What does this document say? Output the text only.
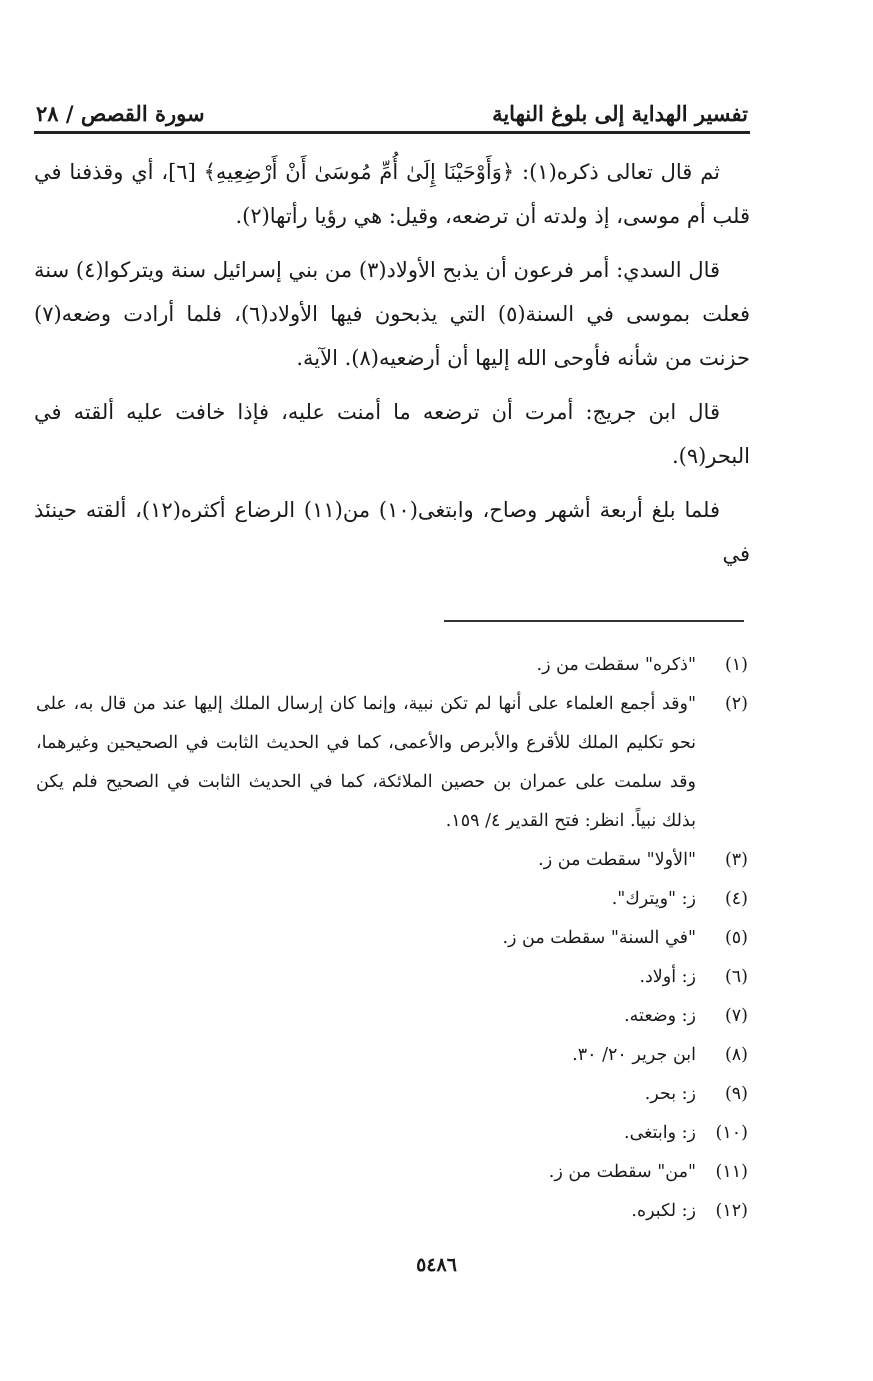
تفسير الهداية إلى بلوغ النهاية
سورة القصص / ٢٨

ثم قال تعالى ذكره(١): ﴿وَأَوْحَيْنَا إِلَىٰ أُمِّ مُوسَىٰ أَنْ أَرْضِعِيهِ﴾ [٦]، أي وقذفنا في قلب أم موسى، إذ ولدته أن ترضعه، وقيل: هي رؤيا رأتها(٢).

قال السدي: أمر فرعون أن يذبح الأولاد(٣) من بني إسرائيل سنة ويتركوا(٤) سنة فعلت بموسى في السنة(٥) التي يذبحون فيها الأولاد(٦)، فلما أرادت وضعه(٧) حزنت من شأنه فأوحى الله إليها أن أرضعيه(٨). الآية.

قال ابن جريج: أمرت أن ترضعه ما أمنت عليه، فإذا خافت عليه ألقته في البحر(٩).

فلما بلغ أربعة أشهر وصاح، وابتغى(١٠) من(١١) الرضاع أكثره(١٢)، ألقته حينئذ في

(١)
"ذكره" سقطت من ز.
(٢)
"وقد أجمع العلماء على أنها لم تكن نبية، وإنما كان إرسال الملك إليها عند من قال به، على نحو تكليم الملك للأقرع والأبرص والأعمى، كما في الحديث الثابت في الصحيحين وغيرهما، وقد سلمت على عمران بن حصين الملائكة، كما في الحديث الثابت في الصحيح فلم يكن بذلك نبياً. انظر: فتح القدير ٤/ ١٥٩.
(٣)
"الأولا" سقطت من ز.
(٤)
ز: "ويترك".
(٥)
"في السنة" سقطت من ز.
(٦)
ز: أولاد.
(٧)
ز: وضعته.
(٨)
ابن جرير ٢٠/ ٣٠.
(٩)
ز: بحر.
(١٠)
ز: وابتغى.
(١١)
"من" سقطت من ز.
(١٢)
ز: لكبره.
٥٤٨٦
